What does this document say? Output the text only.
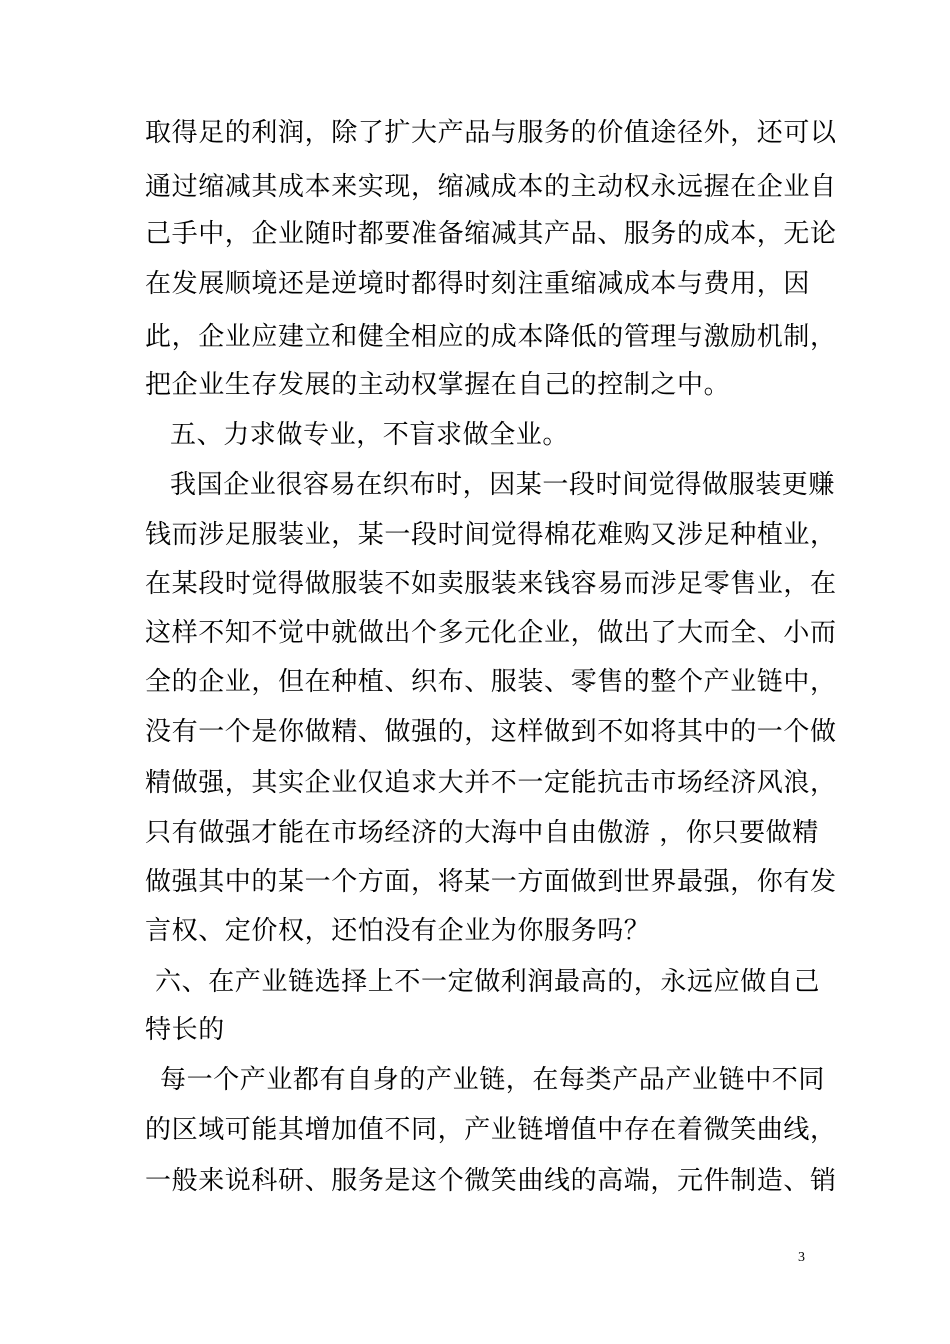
取得足的利润，除了扩大产品与服务的价值途径外，还可以
通过缩减其成本来实现，缩减成本的主动权永远握在企业自
己手中，企业随时都要准备缩减其产品、服务的成本，无论
在发展顺境还是逆境时都得时刻注重缩减成本与费用，因
此，企业应建立和健全相应的成本降低的管理与激励机制，
把企业生存发展的主动权掌握在自己的控制之中。
五、力求做专业，不盲求做全业。
我国企业很容易在织布时，因某一段时间觉得做服装更赚
钱而涉足服装业，某一段时间觉得棉花难购又涉足种植业，
在某段时觉得做服装不如卖服装来钱容易而涉足零售业，在
这样不知不觉中就做出个多元化企业，做出了大而全、小而
全的企业，但在种植、织布、服装、零售的整个产业链中，
没有一个是你做精、做强的，这样做到不如将其中的一个做
精做强，其实企业仅追求大并不一定能抗击市场经济风浪，
只有做强才能在市场经济的大海中自由傲游 ，你只要做精
做强其中的某一个方面，将某一方面做到世界最强，你有发
言权、定价权，还怕没有企业为你服务吗？
六、在产业链选择上不一定做利润最高的，永远应做自己
特长的
每一个产业都有自身的产业链，在每类产品产业链中不同
的区域可能其增加值不同，产业链增值中存在着微笑曲线，
一般来说科研、服务是这个微笑曲线的高端，元件制造、销
3
